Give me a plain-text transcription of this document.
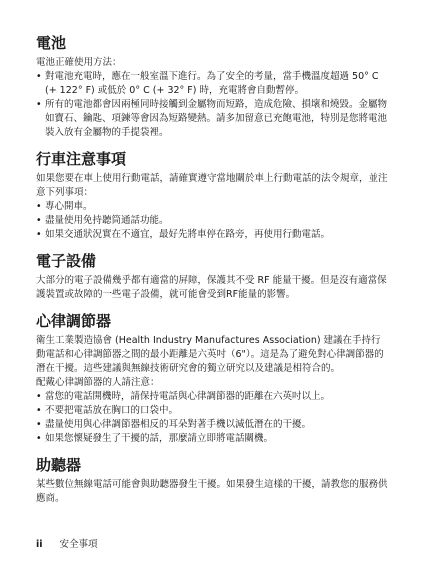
電池

電池正確使用方法：

• 對電池充電時，應在一般室溫下進行。為了安全的考量，當手機溫度超過 50° C (+ 122° F) 或低於 0° C (+ 32° F) 時，充電將會自動暫停。
• 所有的電池都會因兩極同時接觸到金屬物而短路，造成危險、損壞和燒毀。金屬物如寶石、鑰匙、項鍊等會因為短路變熱。請多加留意已充飽電池，特別是您將電池裝入放有金屬物的手提袋裡。
行車注意事項

如果您要在車上使用行動電話，請確實遵守當地關於車上行動電話的法令規章，並注意下列事項：

• 專心開車。
• 盡量使用免持聽筒通話功能。
• 如果交通狀況實在不適宜，最好先將車停在路旁，再使用行動電話。
電子設備

大部分的電子設備幾乎都有適當的屏障，保護其不受 RF 能量干擾。但是沒有適當保護裝置或故障的一些電子設備，就可能會受到RF能量的影響。

心律調節器

衛生工業製造協會 (Health Industry Manufactures Association) 建議在手持行動電話和心律調節器之間的最小距離是六英吋（6"）。這是為了避免對心律調節器的潛在干擾。這些建議與無線技術研究會的獨立研究以及建議是相符合的。

配戴心律調節器的人請注意：

• 當您的電話開機時，請保持電話與心律調節器的距離在六英吋以上。
• 不要把電話放在胸口的口袋中。
• 盡量使用與心律調節器相反的耳朵對著手機以減低潛在的干擾。
• 如果您懷疑發生了干擾的話，那麼請立即將電話關機。
助聽器

某些數位無線電話可能會與助聽器發生干擾。如果發生這樣的干擾，請教您的服務供應商。

ii 安全事項
